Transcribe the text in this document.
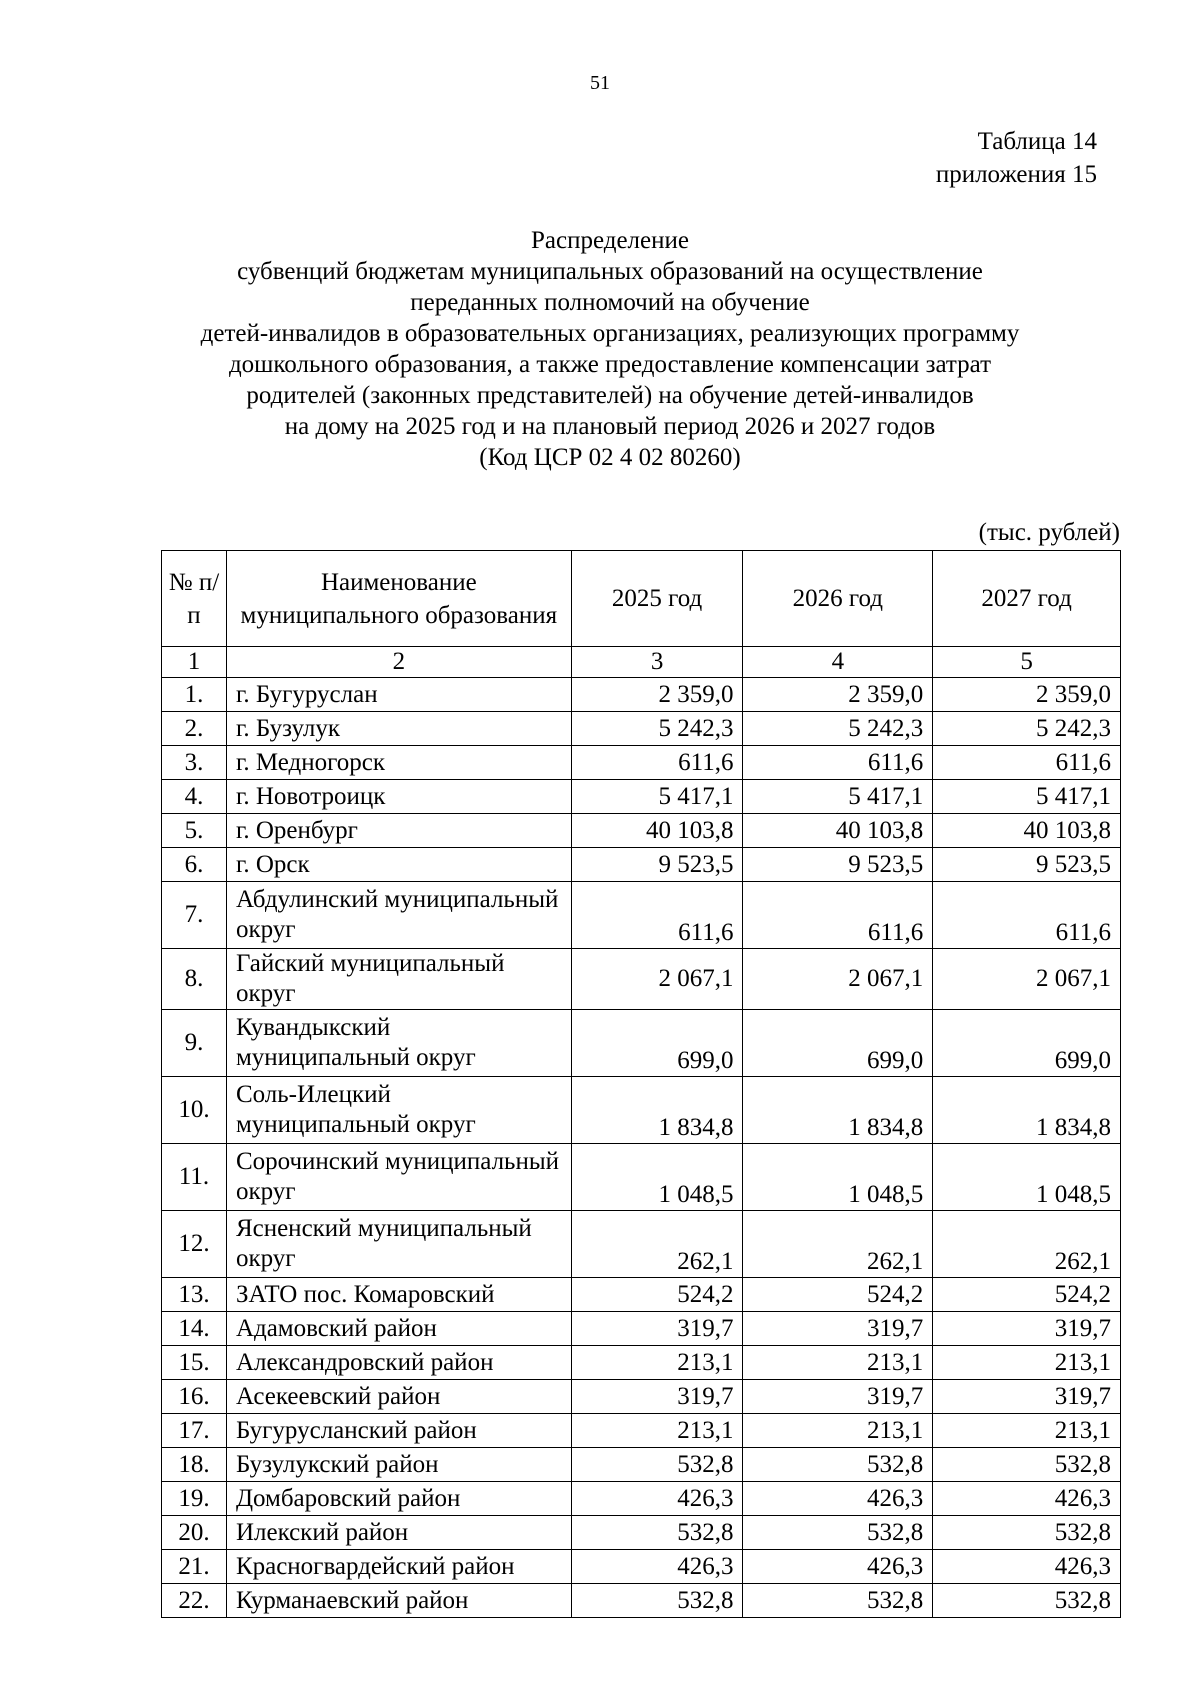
51
Таблица 14
приложения 15
Распределение
субвенций бюджетам муниципальных образований на осуществление
переданных полномочий на обучение
детей-инвалидов в образовательных организациях, реализующих программу
дошкольного образования, а также предоставление компенсации затрат
родителей (законных представителей) на обучение детей-инвалидов
на дому на 2025 год и на плановый период 2026 и 2027 годов
(Код ЦСР 02 4 02 80260)
(тыс. рублей)
№ п/п	Наименование муниципального образования	2025 год	2026 год	2027 год
1	2	3	4	5
1.	г. Бугуруслан	2 359,0	2 359,0	2 359,0
2.	г. Бузулук	5 242,3	5 242,3	5 242,3
3.	г. Медногорск	611,6	611,6	611,6
4.	г. Новотроицк	5 417,1	5 417,1	5 417,1
5.	г. Оренбург	40 103,8	40 103,8	40 103,8
6.	г. Орск	9 523,5	9 523,5	9 523,5
7.	Абдулинский муниципальный округ	611,6	611,6	611,6
8.	Гайский муниципальный округ	2 067,1	2 067,1	2 067,1
9.	Кувандыкский муниципальный округ	699,0	699,0	699,0
10.	Соль-Илецкий муниципальный округ	1 834,8	1 834,8	1 834,8
11.	Сорочинский муниципальный округ	1 048,5	1 048,5	1 048,5
12.	Ясненский муниципальный округ	262,1	262,1	262,1
13.	ЗАТО пос. Комаровский	524,2	524,2	524,2
14.	Адамовский район	319,7	319,7	319,7
15.	Александровский район	213,1	213,1	213,1
16.	Асекеевский район	319,7	319,7	319,7
17.	Бугурусланский район	213,1	213,1	213,1
18.	Бузулукский район	532,8	532,8	532,8
19.	Домбаровский район	426,3	426,3	426,3
20.	Илекский район	532,8	532,8	532,8
21.	Красногвардейский район	426,3	426,3	426,3
22.	Курманаевский район	532,8	532,8	532,8
